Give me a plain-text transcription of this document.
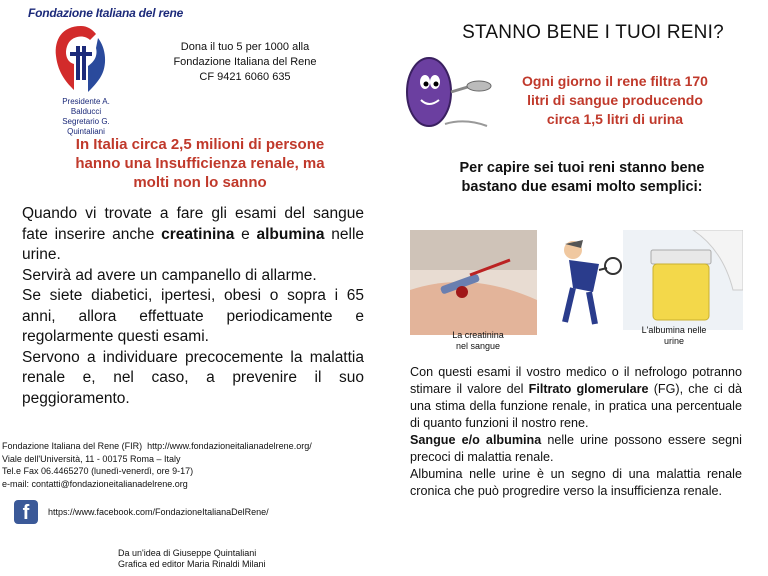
Fondazione Italiana del rene
Presidente A. Balducci
Segretario G. Quintaliani
Dona il tuo 5 per 1000 alla
Fondazione Italiana del Rene
CF 9421 6060 635
In Italia circa 2,5 milioni di persone
hanno una Insufficienza renale, ma
molti non lo sanno

Quando vi trovate a fare gli esami del sangue fate inserire anche creatinina e albumina nelle urine.

Servirà ad avere un campanello di allarme.

Se siete diabetici, ipertesi, obesi o sopra i 65 anni, allora effettuate periodicamente e regolarmente questi esami.

Servono a individuare precocemente la malattia renale e, nel caso, a prevenire il suo peggioramento.

Fondazione Italiana del Rene (FIR) http://www.fondazioneitalianadelrene.org/
Viale dell'Università, 11 - 00175 Roma – Italy
Tel.e Fax 06.4465270 (lunedì-venerdì, ore 9-17)
e-mail: contatti@fondazioneitalianadelrene.org
f	https://www.facebook.com/FondazioneItalianaDelRene/
Da un'idea di Giuseppe Quintaliani
Grafica ed editor Maria Rinaldi Milani
STANNO BENE I TUOI RENI?
Ogni giorno il rene filtra 170
litri di sangue producendo
circa 1,5 litri di urina
Per capire sei tuoi reni stanno bene
bastano due esami molto semplici:
La creatinina
nel sangue
L'albumina nelle
urine

Con questi esami il vostro medico o il nefrologo potranno stimare il valore del Filtrato glomerulare (FG), che ci dà una stima della funzione renale, in pratica una percentuale di quanto funzioni il nostro rene.

Sangue e/o albumina nelle urine possono essere segni precoci di malattia renale.

Albumina nelle urine è un segno di una malattia renale cronica che può progredire verso la insufficienza renale.
